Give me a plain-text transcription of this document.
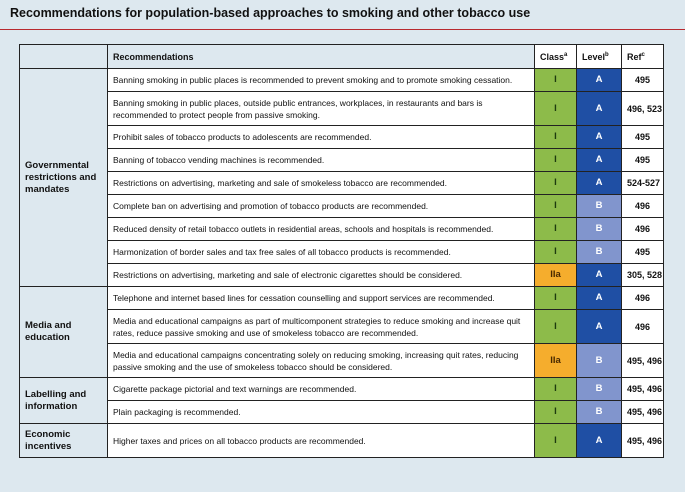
Recommendations for population-based approaches to smoking and other tobacco use
	Recommendations	Class$^a$	Level$^b$	Ref$^c$
Governmental restrictions and mandates	Banning smoking in public places is recommended to prevent smoking and to promote smoking cessation.	I	A	495
	Banning smoking in public places, outside public entrances, workplaces, in restaurants and bars is recommended to protect people from passive smoking.	I	A	496, 523
	Prohibit sales of tobacco products to adolescents are recommended.	I	A	495
	Banning of tobacco vending machines is recommended.	I	A	495
	Restrictions on advertising, marketing and sale of smokeless tobacco are recommended.	I	A	524-527
	Complete ban on advertising and promotion of tobacco products are recommended.	I	B	496
	Reduced density of retail tobacco outlets in residential areas, schools and hospitals is recommended.	I	B	496
	Harmonization of border sales and tax free sales of all tobacco products is recommended.	I	B	495
	Restrictions on advertising, marketing and sale of electronic cigarettes should be considered.	IIa	A	305, 528
Media and education	Telephone and internet based lines for cessation counselling and support services are recommended.	I	A	496
	Media and educational campaigns as part of multicomponent strategies to reduce smoking and increase quit rates, reduce passive smoking and use of smokeless tobacco are recommended.	I	A	496
	Media and educational campaigns concentrating solely on reducing smoking, increasing quit rates, reducing passive smoking and the use of smokeless tobacco should be considered.	IIa	B	495, 496
Labelling and information	Cigarette package pictorial and text warnings are recommended.	I	B	495, 496
	Plain packaging is recommended.	I	B	495, 496
Economic incentives	Higher taxes and prices on all tobacco products are recommended.	I	A	495, 496
